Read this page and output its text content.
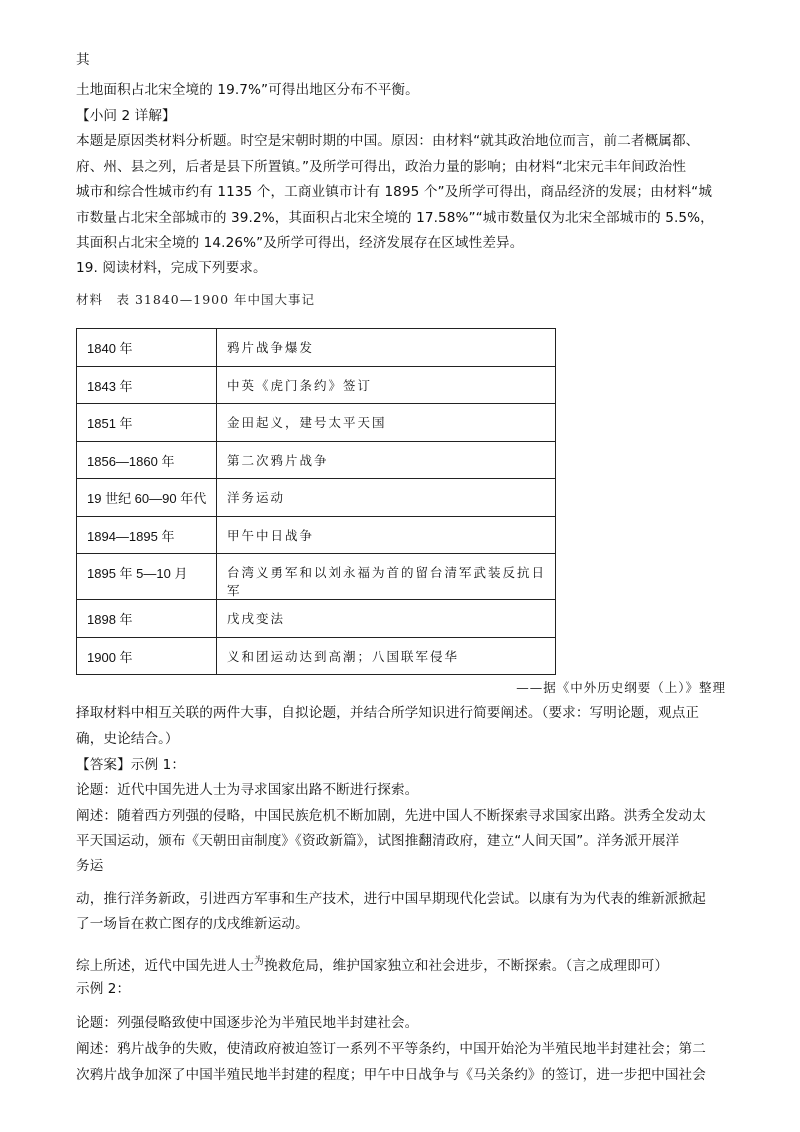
其
土地面积占北宋全境的 19.7%”可得出地区分布不平衡。
【小问 2 详解】
本题是原因类材料分析题。时空是宋朝时期的中国。原因：由材料“就其政治地位而言，前二者概属都、
府、州、县之列，后者是县下所置镇。”及所学可得出，政治力量的影响；由材料“北宋元丰年间政治性
城市和综合性城市约有 1135 个，工商业镇市计有 1895 个”及所学可得出，商品经济的发展；由材料“城
市数量占北宋全部城市的 39.2%，其面积占北宋全境的 17.58%”“城市数量仅为北宋全部城市的 5.5%，
其面积占北宋全境的 14.26%”及所学可得出，经济发展存在区域性差异。
19. 阅读材料，完成下列要求。
材料　表 31840—1900 年中国大事记
1840 年	鸦片战争爆发
1843 年	中英《虎门条约》签订
1851 年	金田起义，建号太平天国
1856—1860 年	第二次鸦片战争
19 世纪 60—90 年代	洋务运动
1894—1895 年	甲午中日战争
1895 年 5—10 月	台湾义勇军和以刘永福为首的留台清军武装反抗日军
1898 年	戊戌变法
1900 年	义和团运动达到高潮；八国联军侵华
——据《中外历史纲要（上）》整理
择取材料中相互关联的两件大事，自拟论题，并结合所学知识进行简要阐述。（要求：写明论题，观点正
确，史论结合。）
【答案】示例 1：
论题：近代中国先进人士为寻求国家出路不断进行探索。
阐述：随着西方列强的侵略，中国民族危机不断加剧，先进中国人不断探索寻求国家出路。洪秀全发动太
平天国运动，颁布《天朝田亩制度》《资政新篇》，试图推翻清政府，建立“人间天国”。洋务派开展洋
务运
动，推行洋务新政，引进西方军事和生产技术，进行中国早期现代化尝试。以康有为为代表的维新派掀起
了一场旨在救亡图存的戊戌维新运动。
综上所述，近代中国先进人士$^为$挽救危局，维护国家独立和社会进步，不断探索。（言之成理即可）
示例 2：
论题：列强侵略致使中国逐步沦为半殖民地半封建社会。
阐述：鸦片战争的失败，使清政府被迫签订一系列不平等条约，中国开始沦为半殖民地半封建社会；第二
次鸦片战争加深了中国半殖民地半封建的程度；甲午中日战争与《马关条约》的签订，进一步把中国社会
